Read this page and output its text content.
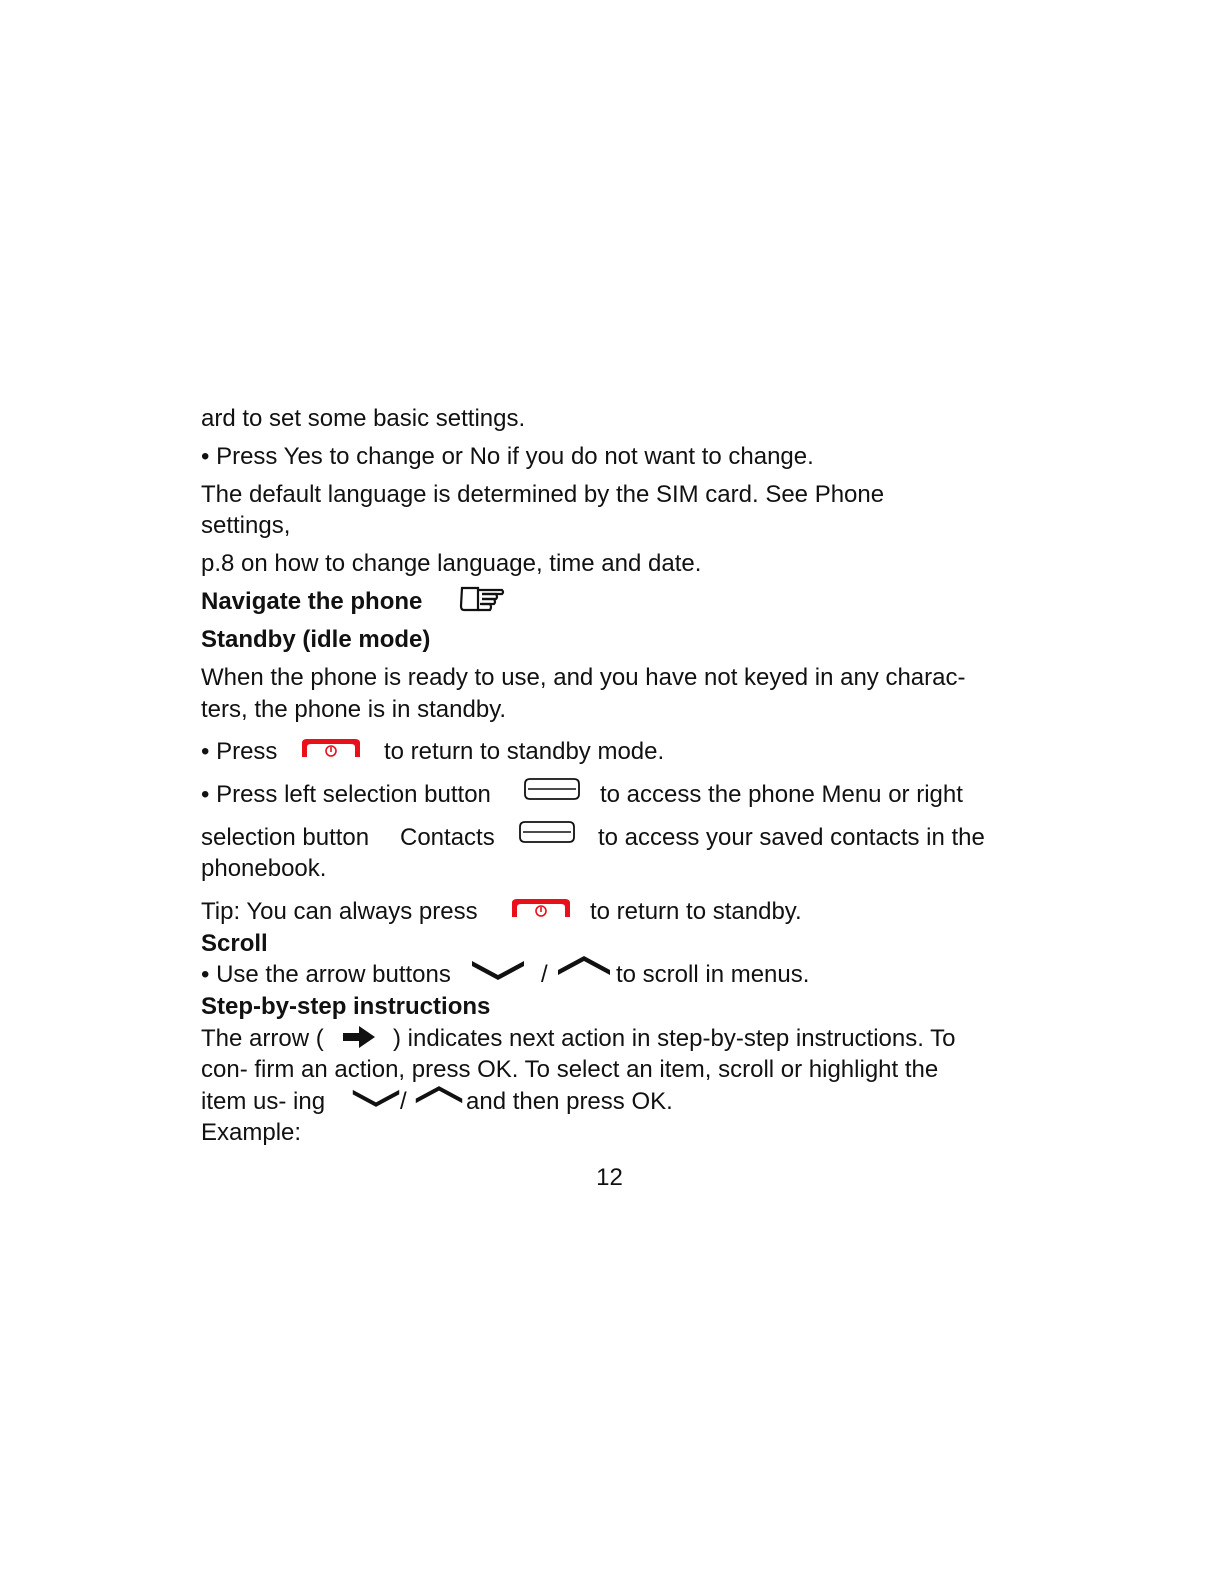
ard to set some basic settings.
• Press Yes to change or No if you do not want to change.
The default language is determined by the SIM card. See Phone
settings,
p.8 on how to change language, time and date.
Navigate the phone
Standby (idle mode)
When the phone is ready to use, and you have not keyed in any charac-
ters, the phone is in standby.
• Press	to return to standby mode.
• Press left selection button	to access the phone Menu or right
selection button Contacts	to access your saved contacts in the
phonebook.
Tip: You can always press	to return to standby.
Scroll
• Use the arrow buttons	/	to scroll in menus.
Step-by-step instructions
The arrow (	) indicates next action in step-by-step instructions. To
con- firm an action, press OK. To select an item, scroll or highlight the
item us- ing	/ and then press OK.
Example:
12
